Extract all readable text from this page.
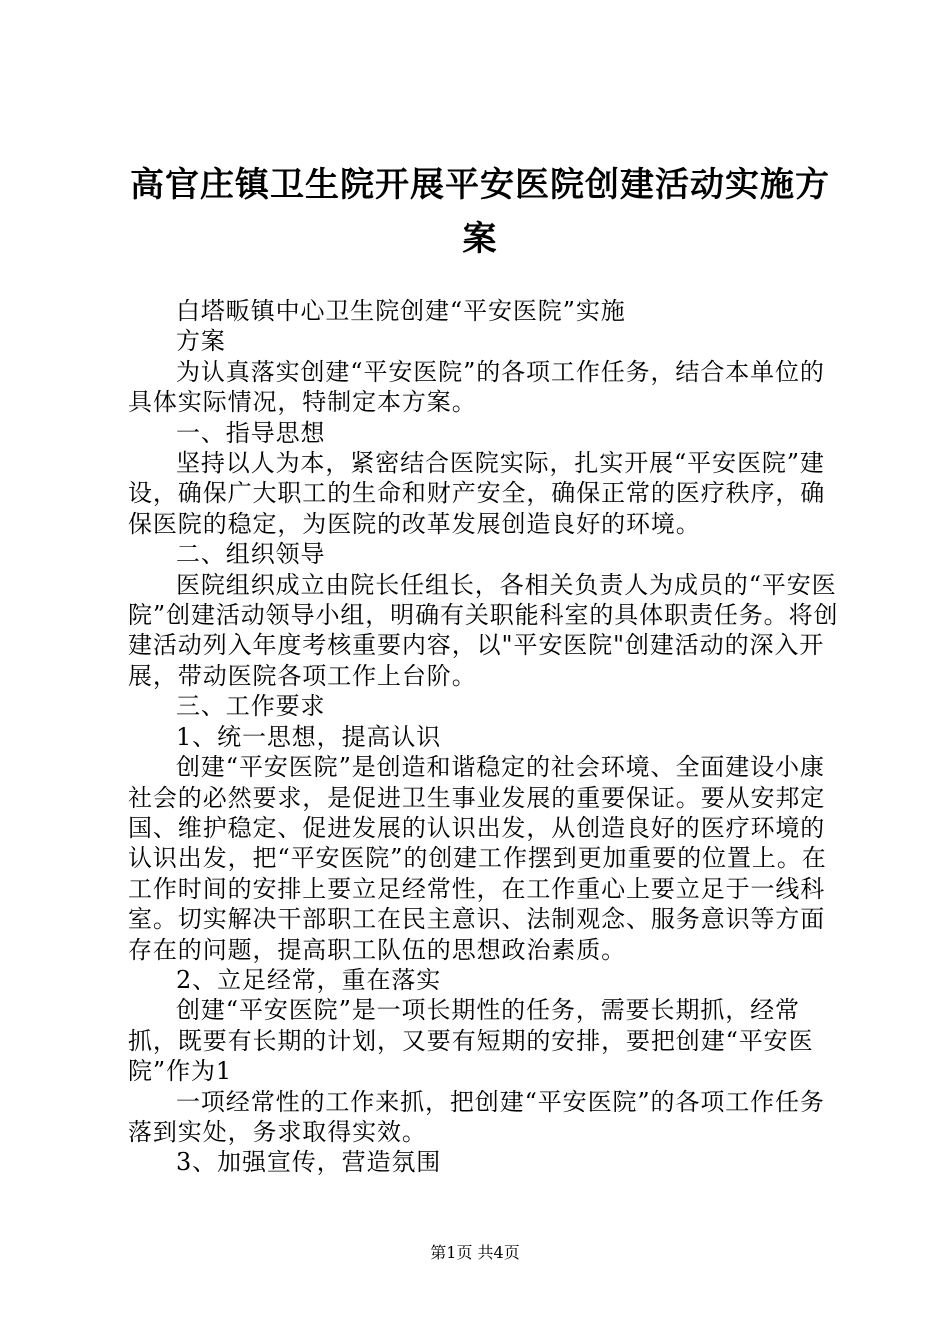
高官庄镇卫生院开展平安医院创建活动实施方案

白塔畈镇中心卫生院创建“平安医院”实施

方案

为认真落实创建“平安医院”的各项工作任务，结合本单位的具体实际情况，特制定本方案。

一、指导思想

坚持以人为本，紧密结合医院实际，扎实开展“平安医院”建设，确保广大职工的生命和财产安全，确保正常的医疗秩序，确保医院的稳定，为医院的改革发展创造良好的环境。

二、组织领导

医院组织成立由院长任组长，各相关负责人为成员的“平安医院”创建活动领导小组，明确有关职能科室的具体职责任务。将创建活动列入年度考核重要内容，以"平安医院"创建活动的深入开展，带动医院各项工作上台阶。

三、工作要求

1、统一思想，提高认识

创建“平安医院”是创造和谐稳定的社会环境、全面建设小康社会的必然要求，是促进卫生事业发展的重要保证。要从安邦定国、维护稳定、促进发展的认识出发，从创造良好的医疗环境的认识出发，把“平安医院”的创建工作摆到更加重要的位置上。在工作时间的安排上要立足经常性，在工作重心上要立足于一线科室。切实解决干部职工在民主意识、法制观念、服务意识等方面存在的问题，提高职工队伍的思想政治素质。

2、立足经常，重在落实

创建“平安医院”是一项长期性的任务，需要长期抓，经常抓，既要有长期的计划，又要有短期的安排，要把创建“平安医院”作为1

一项经常性的工作来抓，把创建“平安医院”的各项工作任务落到实处，务求取得实效。

3、加强宣传，营造氛围

第1页 共4页
